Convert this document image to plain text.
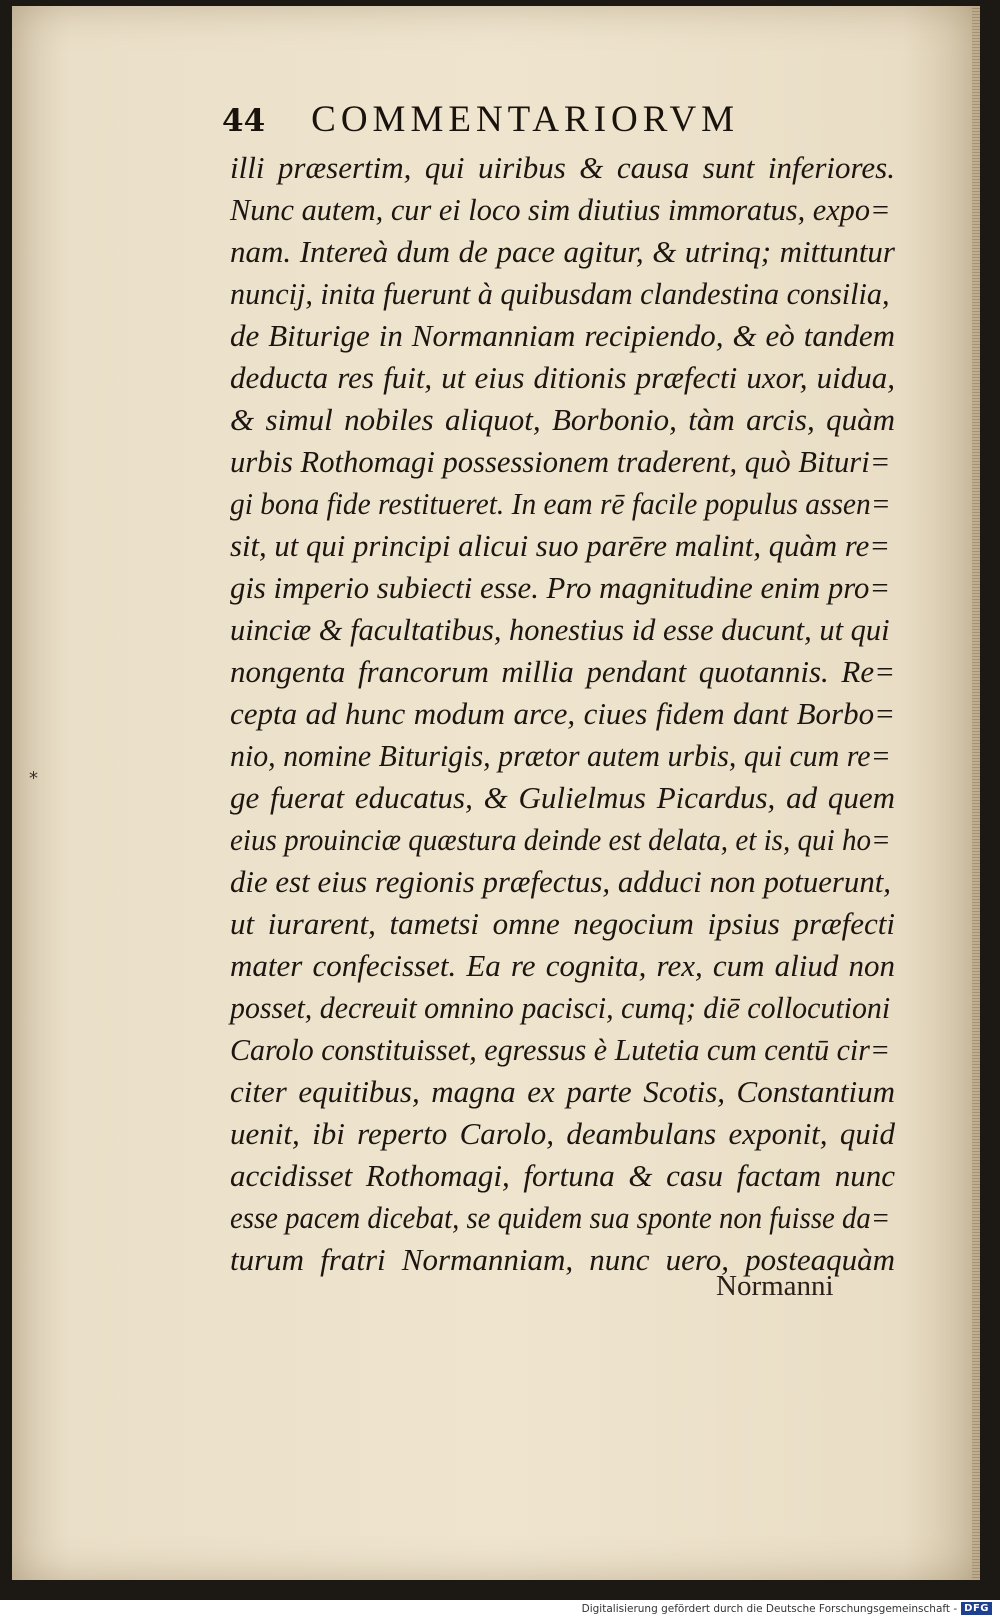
44 COMMENTARIORVM
illi præsertim, qui uiribus & causa sunt inferiores.
Nunc autem, cur ei loco sim diutius immoratus, expo=
nam. Intereà dum de pace agitur, & utrinq; mittuntur
nuncij, inita fuerunt à quibusdam clandestina consilia,
de Biturige in Normanniam recipiendo, & eò tandem
deducta res fuit, ut eius ditionis præfecti uxor, uidua,
& simul nobiles aliquot, Borbonio, tàm arcis, quàm
urbis Rothomagi possessionem traderent, quò Bituri=
gi bona fide restitueret. In eam rē facile populus assen=
sit, ut qui principi alicui suo parēre malint, quàm re=
gis imperio subiecti esse. Pro magnitudine enim pro=
uinciæ & facultatibus, honestius id esse ducunt, ut qui
nongenta francorum millia pendant quotannis. Re=
cepta ad hunc modum arce, ciues fidem dant Borbo=
nio, nomine Biturigis, prætor autem urbis, qui cum re=
ge fuerat educatus, & Gulielmus Picardus, ad quem
eius prouinciæ quæstura deinde est delata, et is, qui ho=
die est eius regionis præfectus, adduci non potuerunt,
ut iurarent, tametsi omne negocium ipsius præfecti
mater confecisset. Ea re cognita, rex, cum aliud non
posset, decreuit omnino pacisci, cumq; diē collocutioni
Carolo constituisset, egressus è Lutetia cum centū cir=
citer equitibus, magna ex parte Scotis, Constantium
uenit, ibi reperto Carolo, deambulans exponit, quid
accidisset Rothomagi, fortuna & casu factam nunc
esse pacem dicebat, se quidem sua sponte non fuisse da=
turum fratri Normanniam, nunc uero, posteaquàm
*
Normanni
Digitalisierung gefördert durch die Deutsche Forschungsgemeinschaft - DFG
